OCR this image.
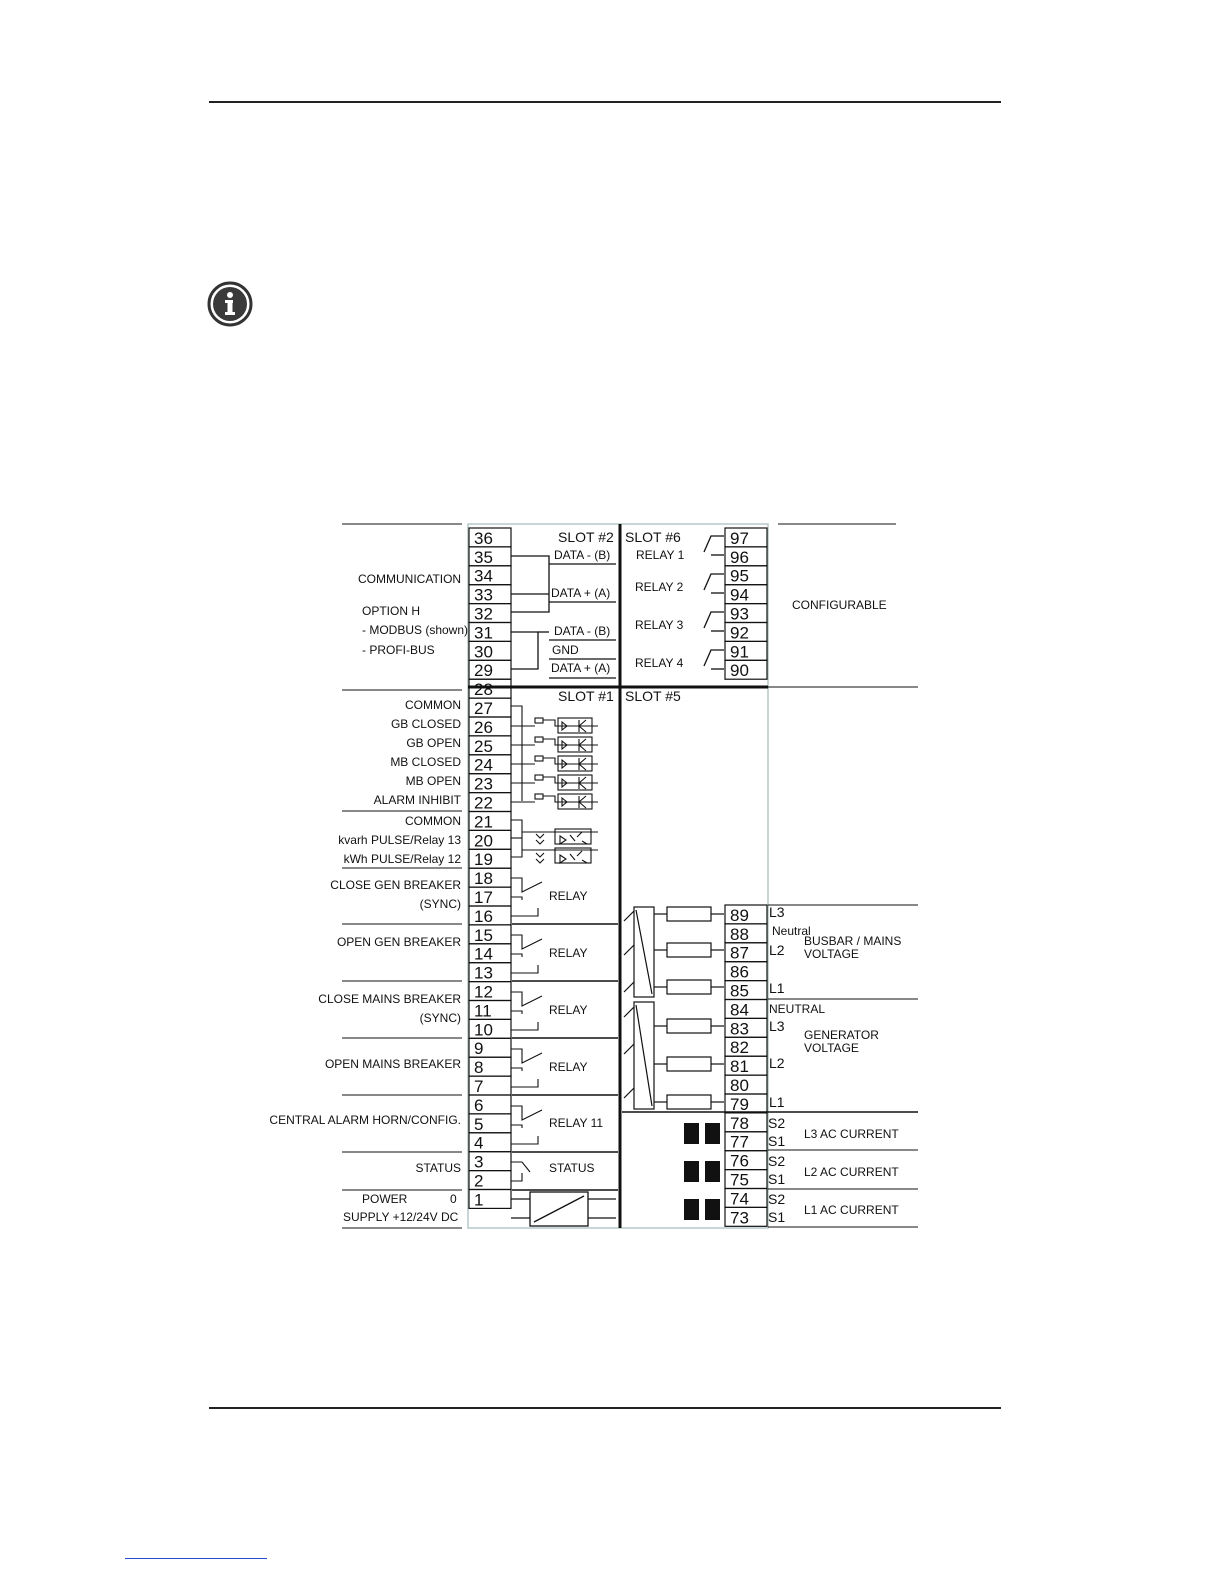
36
35
34
33
32
31
30
29
28
27
26
25
24
23
22
21
20
19
18
17
16
15
14
13
12
11
10
9
8
7
6
5
4
3
2
1
97
96
95
94
93
92
91
90
89
88
87
86
85
84
83
82
81
80
79
78
77
76
75
74
73
SLOT #2 SLOT #6
SLOT #1 SLOT #5
COMMUNICATION
OPTION H
- MODBUS (shown)
- PROFI-BUS
DATA - (B)
DATA + (A)
DATA - (B)
GND
DATA + (A)
RELAY 1
RELAY 2
RELAY 3
RELAY 4
CONFIGURABLE
COMMON
GB CLOSED
GB OPEN
MB CLOSED
MB OPEN
ALARM INHIBIT
COMMON
kvarh PULSE/Relay 13
kWh PULSE/Relay 12
CLOSE GEN BREAKER
(SYNC)
OPEN GEN BREAKER
CLOSE MAINS BREAKER
(SYNC)
OPEN MAINS BREAKER
CENTRAL ALARM HORN/CONFIG.
STATUS
POWER	0
SUPPLY +12/24V DC
RELAY
RELAY
RELAY
RELAY
RELAY 11
STATUS
L3
Neutral
L2
L1
NEUTRAL
L3
L2
L1
S2
S1
S2
S1
S2
S1
BUSBAR / MAINS
VOLTAGE
GENERATOR
VOLTAGE
L3 AC CURRENT
L2 AC CURRENT
L1 AC CURRENT
